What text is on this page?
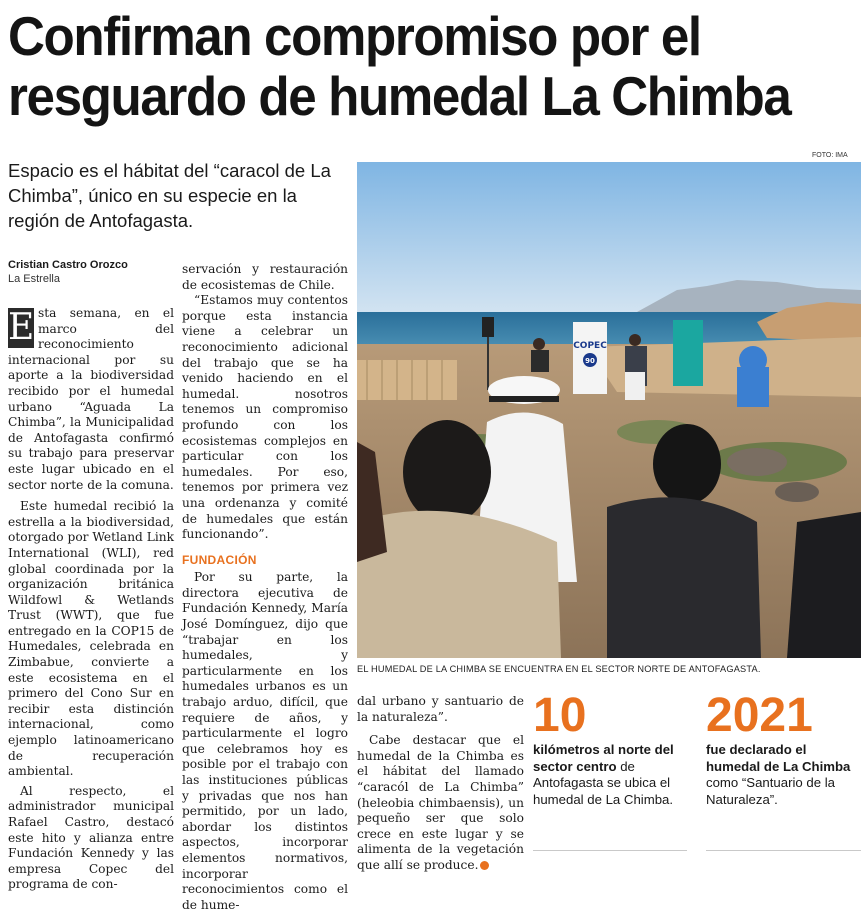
Confirman compromiso por el
resguardo de humedal La Chimba

Espacio es el hábitat del “caracol de La Chimba”, único en su especie en la región de Antofagasta.

Cristian Castro Orozco
La Estrella

E sta semana, en el marco del reconocimiento internacional por su aporte a la biodiversidad recibido por el humedal urbano “Aguada La Chimba”, la Municipalidad de Antofagasta confirmó su trabajo para preservar este lugar ubicado en el sector norte de la comuna.

Este humedal recibió la estrella a la biodiversidad, otorgado por Wetland Link International (WLI), red global coordinada por la organización británica Wildfowl & Wetlands Trust (WWT), que fue entregado en la COP15 de Humedales, celebrada en Zimbabue, convierte a este ecosistema en el primero del Cono Sur en recibir esta distinción internacional, como ejemplo latinoamericano de recuperación ambiental.

Al respecto, el administrador municipal Rafael Castro, destacó este hito y alianza entre Fundación Kennedy y las empresa Copec del programa de con-

servación y restauración de ecosistemas de Chile.

“Estamos muy contentos porque esta instancia viene a celebrar un reconocimiento adicional del trabajo que se ha venido haciendo en el humedal. nosotros tenemos un compromiso profundo con los ecosistemas complejos en particular con los humedales. Por eso, tenemos por primera vez una ordenanza y comité de humedales que están funcionando”.

FUNDACIÓN

Por su parte, la directora ejecutiva de Fundación Kennedy, María José Domínguez, dijo que “trabajar en los humedales, y particularmente en los humedales urbanos es un trabajo arduo, difícil, que requiere de años, y particularmente el logro que celebramos hoy es posible por el trabajo con las instituciones públicas y privadas que nos han permitido, por un lado, abordar los distintos aspectos, incorporar elementos normativos, incorporar reconocimientos como el de hume-

dal urbano y santuario de la naturaleza”.

Cabe destacar que el humedal de la Chimba es el hábitat del llamado “caracól de La Chimba” (heleobia chimbaensis), un pequeño ser que solo crece en este lugar y se alimenta de la vegetación que allí se produce.

FOTO: IMA
COPEC
90
EL HUMEDAL DE LA CHIMBA SE ENCUENTRA EN EL SECTOR NORTE DE ANTOFAGASTA.
10
kilómetros al norte del sector centro de Antofagasta se ubica el humedal de La Chimba.
2021
fue declarado el humedal de La Chimba como “Santuario de la Naturaleza”.
